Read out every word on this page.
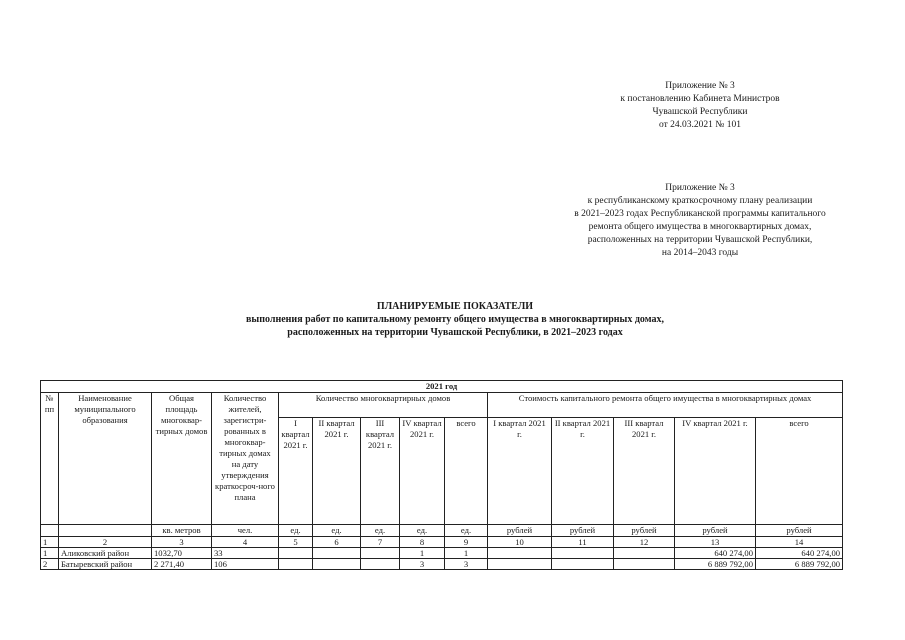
Приложение № 3
к постановлению Кабинета Министров
Чувашской Республики
от 24.03.2021 № 101
Приложение № 3
к республиканскому краткосрочному плану реализации
в 2021–2023 годах Республиканской программы капитального
ремонта общего имущества в многоквартирных домах,
расположенных на территории Чувашской Республики,
на 2014–2043 годы
ПЛАНИРУЕМЫЕ ПОКАЗАТЕЛИ
выполнения работ по капитальному ремонту общего имущества в многоквартирных домах,
расположенных на территории Чувашской Республики, в 2021–2023 годах
2021 год													
№ пп	Наименование муниципального образования	Общая площадь многоквар-тирных домов	Количество жителей, зарегистри-рованных в многоквар-тирных домах на дату утверждения краткосроч-ного плана	Количество многоквартирных домов					Стоимость капитального ремонта общего имущества в многоквартирных домах				
				I квартал 2021 г.	II квартал 2021 г.	III квартал 2021 г.	IV квартал 2021 г.	всего	I квартал 2021 г.	II квартал 2021 г.	III квартал 2021 г.	IV квартал 2021 г.	всего
		кв. метров	чел.	ед.	ед.	ед.	ед.	ед.	рублей	рублей	рублей	рублей	рублей
1	2	3	4	5	6	7	8	9	10	11	12	13	14
1	Аликовский район	1032,70	33				1	1				640 274,00	640 274,00
2	Батыревский район	2 271,40	106				3	3				6 889 792,00	6 889 792,00
